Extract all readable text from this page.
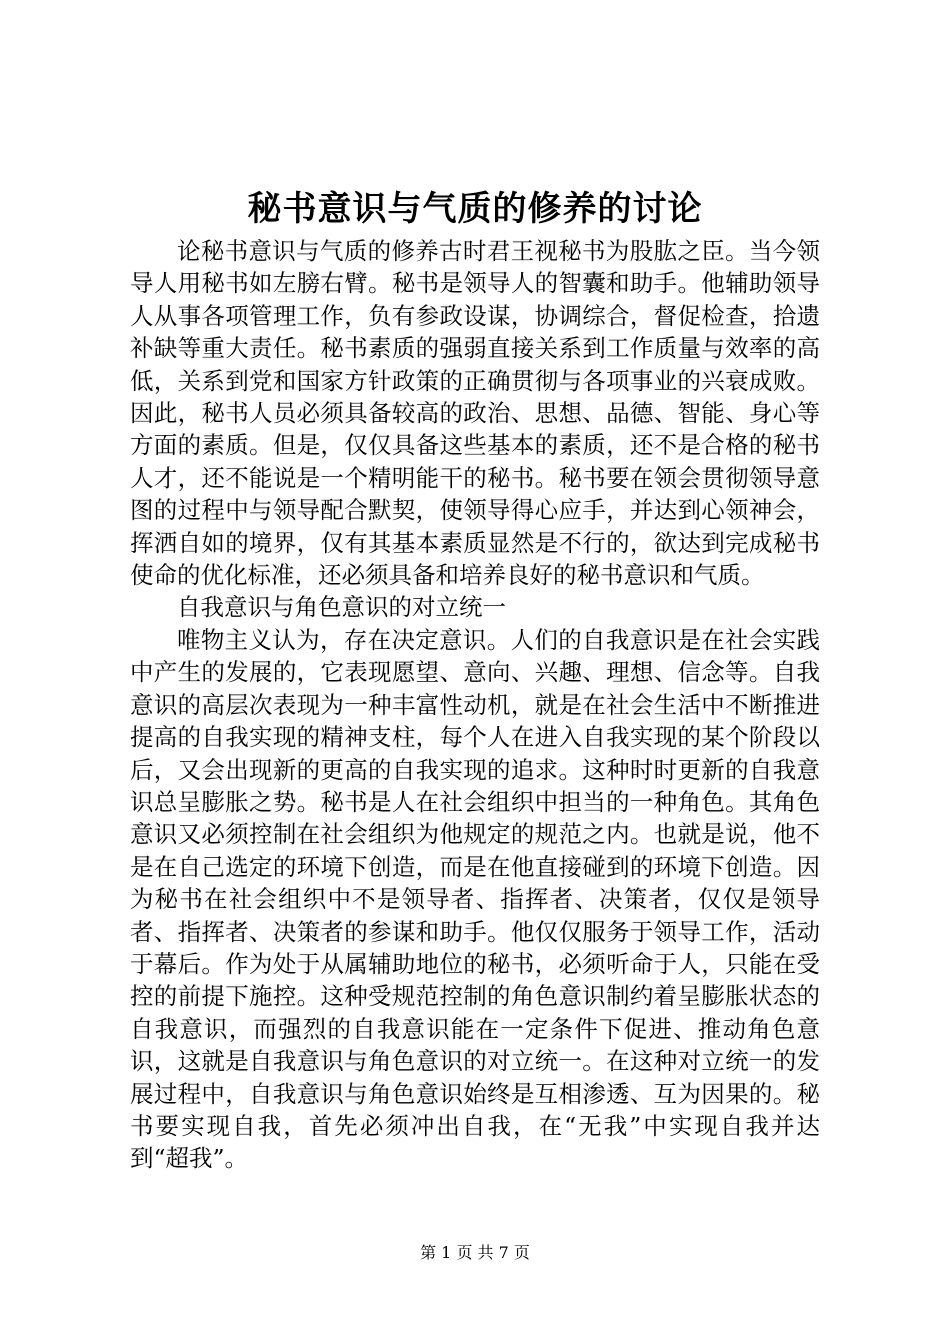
秘书意识与气质的修养的讨论

论秘书意识与气质的修养古时君王视秘书为股肱之臣。当今领导人用秘书如左膀右臂。秘书是领导人的智囊和助手。他辅助领导人从事各项管理工作，负有参政设谋，协调综合，督促检查，拾遗补缺等重大责任。秘书素质的强弱直接关系到工作质量与效率的高低，关系到党和国家方针政策的正确贯彻与各项事业的兴衰成败。因此，秘书人员必须具备较高的政治、思想、品德、智能、身心等方面的素质。但是，仅仅具备这些基本的素质，还不是合格的秘书人才，还不能说是一个精明能干的秘书。秘书要在领会贯彻领导意图的过程中与领导配合默契，使领导得心应手，并达到心领神会，挥洒自如的境界，仅有其基本素质显然是不行的，欲达到完成秘书使命的优化标准，还必须具备和培养良好的秘书意识和气质。

自我意识与角色意识的对立统一

唯物主义认为，存在决定意识。人们的自我意识是在社会实践中产生的发展的，它表现愿望、意向、兴趣、理想、信念等。自我意识的高层次表现为一种丰富性动机，就是在社会生活中不断推进提高的自我实现的精神支柱，每个人在进入自我实现的某个阶段以后，又会出现新的更高的自我实现的追求。这种时时更新的自我意识总呈膨胀之势。秘书是人在社会组织中担当的一种角色。其角色意识又必须控制在社会组织为他规定的规范之内。也就是说，他不是在自己选定的环境下创造，而是在他直接碰到的环境下创造。因为秘书在社会组织中不是领导者、指挥者、决策者，仅仅是领导者、指挥者、决策者的参谋和助手。他仅仅服务于领导工作，活动于幕后。作为处于从属辅助地位的秘书，必须听命于人，只能在受控的前提下施控。这种受规范控制的角色意识制约着呈膨胀状态的自我意识，而强烈的自我意识能在一定条件下促进、推动角色意识，这就是自我意识与角色意识的对立统一。在这种对立统一的发展过程中，自我意识与角色意识始终是互相渗透、互为因果的。秘书要实现自我，首先必须冲出自我，在“无我”中实现自我并达到“超我”。

第 1 页 共 7 页
